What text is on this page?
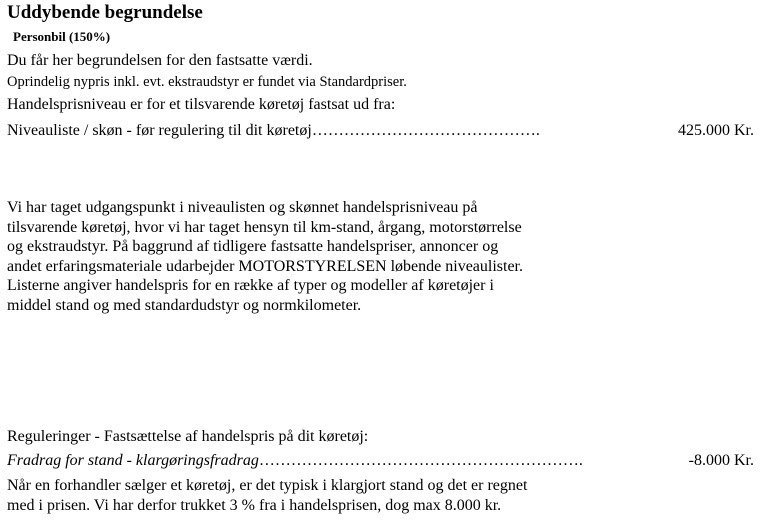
Uddybende begrundelse
Personbil (150%)
Du får her begrundelsen for den fastsatte værdi.
Oprindelig nypris inkl. evt. ekstraudstyr er fundet via Standardpriser.
Handelsprisniveau er for et tilsvarende køretøj fastsat ud fra:
Niveauliste / skøn - før regulering til dit køretøj…………………………………….	425.000 Kr.

Vi har taget udgangspunkt i niveaulisten og skønnet handelsprisniveau på

tilsvarende køretøj, hvor vi har taget hensyn til km-stand, årgang, motorstørrelse

og ekstraudstyr. På baggrund af tidligere fastsatte handelspriser, annoncer og

andet erfaringsmateriale udarbejder MOTORSTYRELSEN løbende niveaulister.

Listerne angiver handelspris for en række af typer og modeller af køretøjer i

middel stand og med standardudstyr og normkilometer.

Reguleringer - Fastsættelse af handelspris på dit køretøj:
Fradrag for stand - klargøringsfradrag…………………………………………………….	-8.000 Kr.

Når en forhandler sælger et køretøj, er det typisk i klargjort stand og det er regnet

med i prisen. Vi har derfor trukket 3 % fra i handelsprisen, dog max 8.000 kr.
